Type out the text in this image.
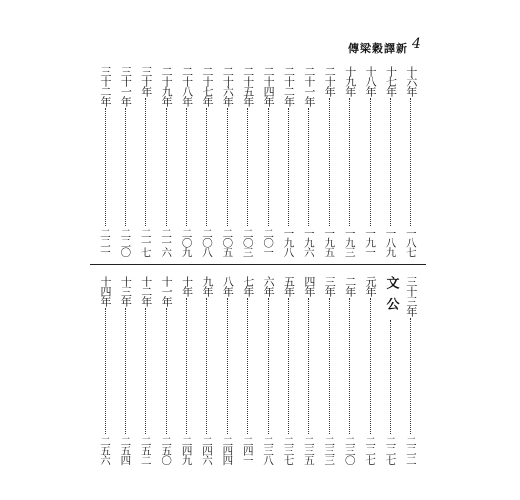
傳梁穀譯新 4
十六年
一八七
十七年
一八九
十八年
一九一
十九年
一九三
二十年
一九五
二十一年
一九六
二十二年
一九八
二十四年
二〇一
二十五年
二〇三
二十六年
二〇五
二十七年
二〇八
二十八年
二〇九
二十九年
二一六
三十年
二一七
三十一年
二二〇
三十二年
二二一
三十三年
二二二
文公
二二七
元年
二二七
二年
二三〇
三年
二三三
四年
二三五
五年
二三七
六年
二三八
七年
二四一
八年
二四四
九年
二四六
十年
二四九
十一年
二五〇
十二年
二五二
十三年
二五四
十四年
二五六
